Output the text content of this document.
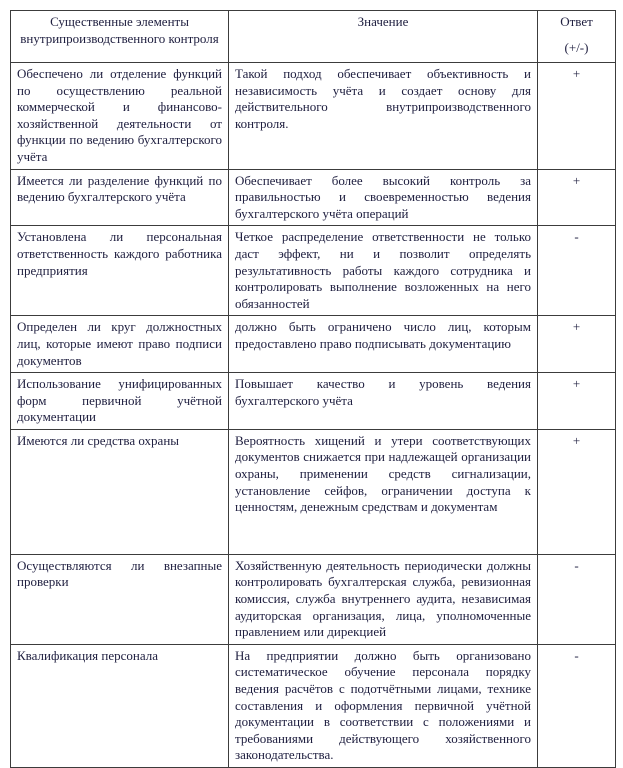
Существенные элементы внутрипроизводственного контроля	Значение	Ответ
(+/-)

Обеспечено ли отделение функций по осуществлению реальной коммерческой и финансово-хозяйственной деятельности от функции по ведению бухгалтерского учёта	Такой подход обеспечивает объективность и независимость учёта и создает основу для действительного внутрипроизводственного контроля.	+
Имеется ли разделение функций по ведению бухгалтерского учёта	Обеспечивает более высокий контроль за правильностью и своевременностью ведения бухгалтерского учёта операций	+
Установлена ли персональная ответственность каждого работника предприятия	Четкое распределение ответственности не только даст эффект, ни и позволит определять результативность работы каждого сотрудника и контролировать выполнение возложенных на него обязанностей	-
Определен ли круг должностных лиц, которые имеют право подписи документов	должно быть ограничено число лиц, которым предоставлено право подписывать документацию	+
Использование унифицированных форм первичной учётной документации	Повышает качество и уровень ведения бухгалтерского учёта	+
Имеются ли средства охраны	Вероятность хищений и утери соответствующих документов снижается при надлежащей организации охраны, применении средств сигнализации, установление сейфов, ограничении доступа к ценностям, денежным средствам и документам	+
Осуществляются ли внезапные проверки	Хозяйственную деятельность периодически должны контролировать бухгалтерская служба, ревизионная комиссия, служба внутреннего аудита, независимая аудиторская организация, лица, уполномоченные правлением или дирекцией	-
Квалификация персонала	На предприятии должно быть организовано систематическое обучение персонала порядку ведения расчётов с подотчётными лицами, технике составления и оформления первичной учётной документации в соответствии с положениями и требованиями действующего хозяйственного законодательства.	-
